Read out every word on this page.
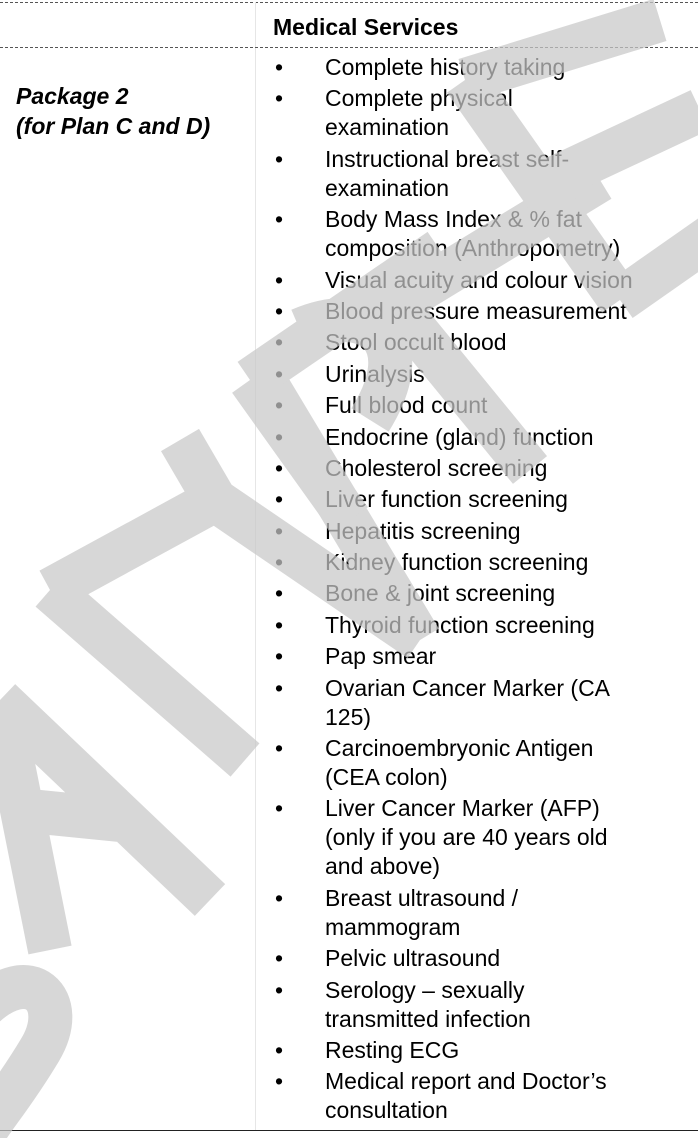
Medical Services
Package 2
(for Plan C and D)
• Complete history taking
• Complete physical
examination
• Instructional breast self-
examination
• Body Mass Index & % fat
composition (Anthropometry)
• Visual acuity and colour vision
• Blood pressure measurement
• Stool occult blood
• Urinalysis
• Full blood count
• Endocrine (gland) function
• Cholesterol screening
• Liver function screening
• Hepatitis screening
• Kidney function screening
• Bone & joint screening
• Thyroid function screening
• Pap smear
• Ovarian Cancer Marker (CA
125)
• Carcinoembryonic Antigen
(CEA colon)
• Liver Cancer Marker (AFP)
(only if you are 40 years old
and above)
• Breast ultrasound /
mammogram
• Pelvic ultrasound
• Serology – sexually
transmitted infection
• Resting ECG
• Medical report and Doctor’s
consultation
